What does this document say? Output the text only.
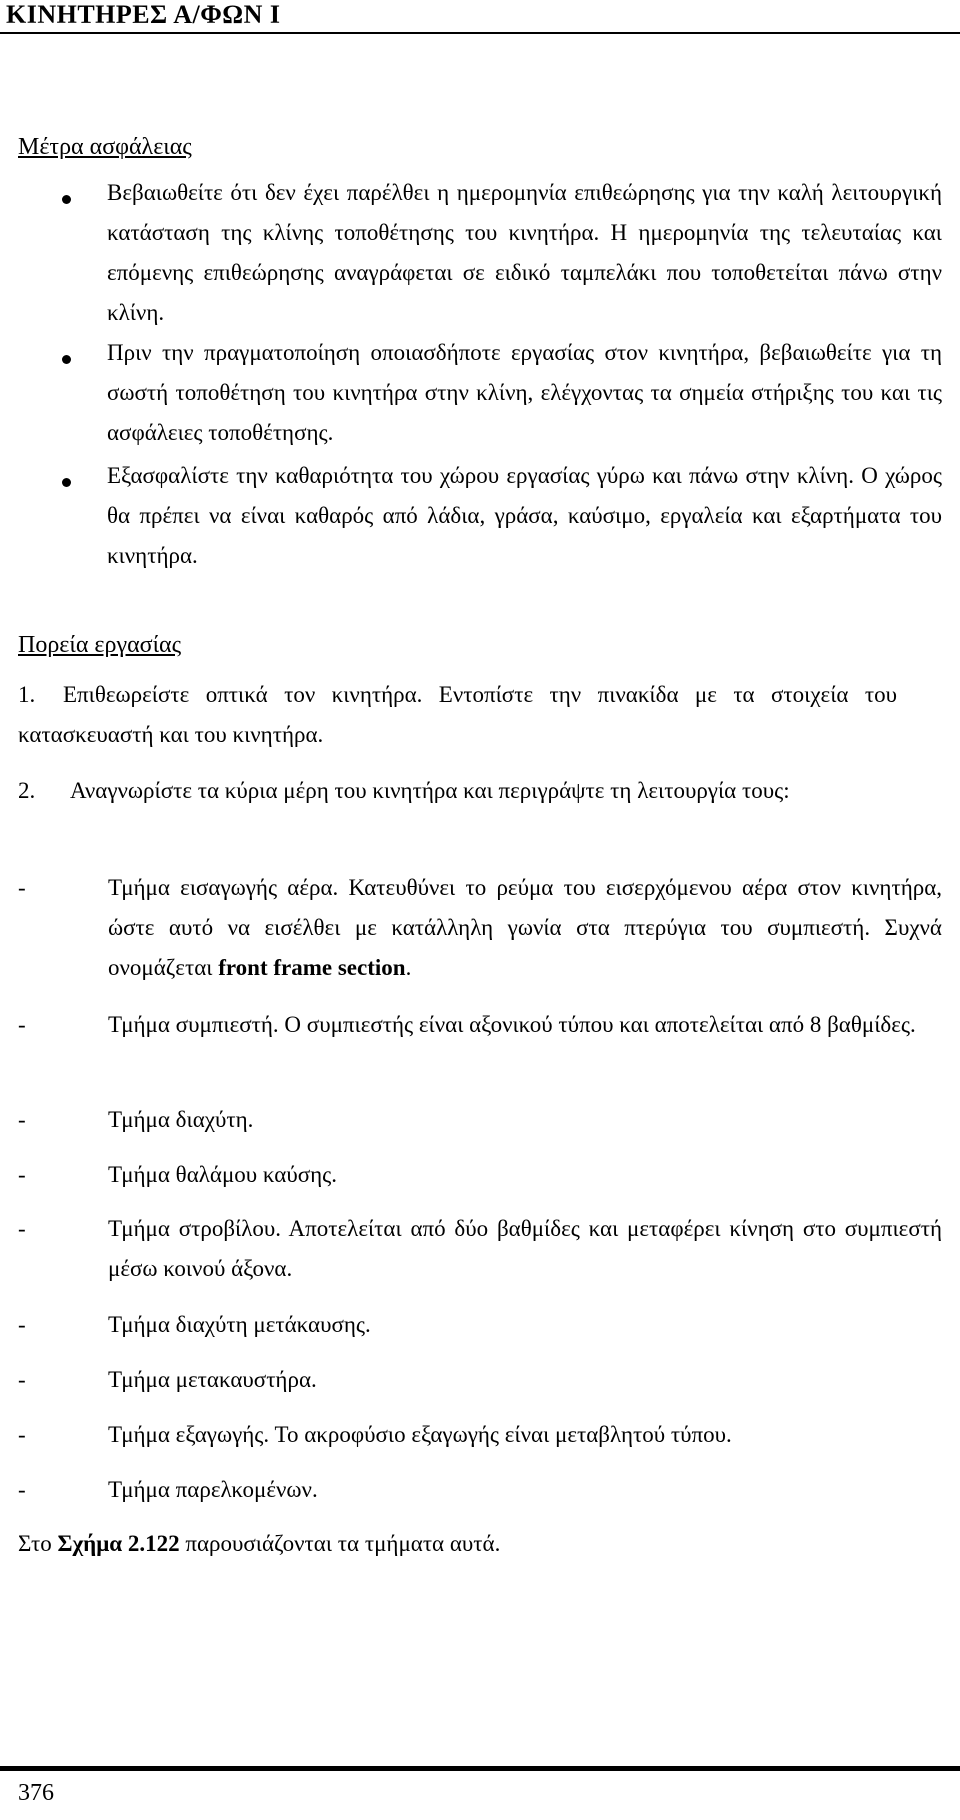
ΚΙΝΗΤΗΡΕΣ Α/ΦΩΝ Ι
Μέτρα ασφάλειας
Βεβαιωθείτε ότι δεν έχει παρέλθει η ημερομηνία επιθεώρησης για την καλή λειτουργική κατάσταση της κλίνης τοποθέτησης του κινητήρα. Η ημερομηνία της τελευταίας και επόμενης επιθεώρησης αναγράφεται σε ειδικό ταμπελάκι που τοποθετείται πάνω στην κλίνη.
Πριν την πραγματοποίηση οποιασδήποτε εργασίας στον κινητήρα, βεβαιωθείτε για τη σωστή τοποθέτηση του κινητήρα στην κλίνη, ελέγχοντας τα σημεία στήριξης του και τις ασφάλειες τοποθέτησης.
Εξασφαλίστε την καθαριότητα του χώρου εργασίας γύρω και πάνω στην κλίνη. Ο χώρος θα πρέπει να είναι καθαρός από λάδια, γράσα, καύσιμο, εργαλεία και εξαρτήματα του κινητήρα.
Πορεία εργασίας
1.	Επιθεωρείστε οπτικά τον κινητήρα. Εντοπίστε την πινακίδα με τα στοιχεία του κατασκευαστή και του κινητήρα.
2.	Αναγνωρίστε τα κύρια μέρη του κινητήρα και περιγράψτε τη λειτουργία τους:
-	Τμήμα εισαγωγής αέρα. Κατευθύνει το ρεύμα του εισερχόμενου αέρα στον κινητήρα, ώστε αυτό να εισέλθει με κατάλληλη γωνία στα πτερύγια του συμπιεστή. Συχνά ονομάζεται front frame section.
-	Τμήμα συμπιεστή. Ο συμπιεστής είναι αξονικού τύπου και αποτελείται από 8 βαθμίδες.
-	Τμήμα διαχύτη.
-	Τμήμα θαλάμου καύσης.
-	Τμήμα στροβίλου. Αποτελείται από δύο βαθμίδες και μεταφέρει κίνηση στο συμπιεστή μέσω κοινού άξονα.
-	Τμήμα διαχύτη μετάκαυσης.
-	Τμήμα μετακαυστήρα.
-	Τμήμα εξαγωγής. Το ακροφύσιο εξαγωγής είναι μεταβλητού τύπου.
-	Τμήμα παρελκομένων.
Στο Σχήμα 2.122 παρουσιάζονται τα τμήματα αυτά.
376
